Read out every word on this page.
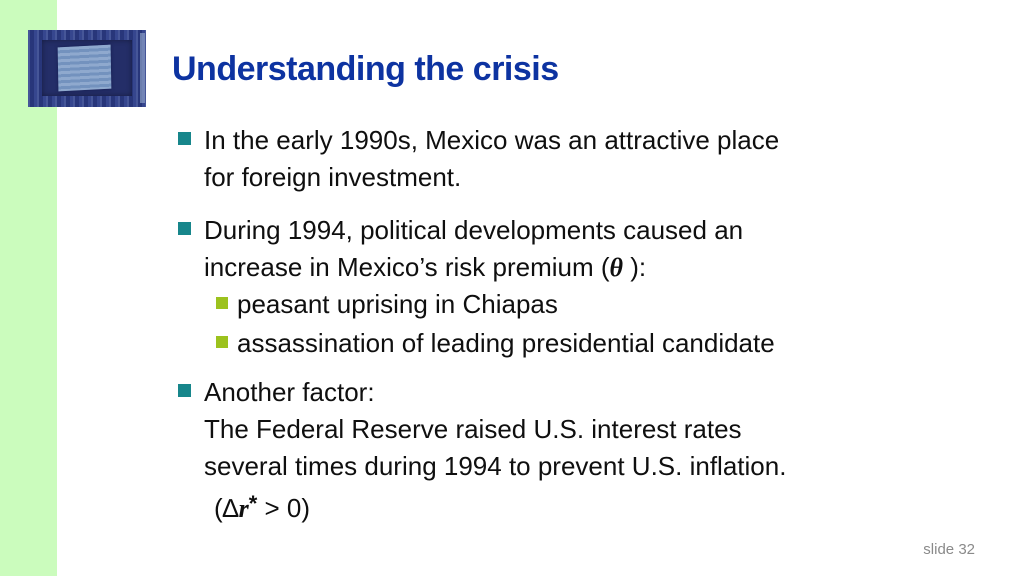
Understanding the crisis
In the early 1990s, Mexico was an attractive place
for foreign investment.
During 1994, political developments caused an
increase in Mexico’s risk premium (θ ):
peasant uprising in Chiapas
assassination of leading presidential candidate
Another factor:
The Federal Reserve raised U.S. interest rates
several times during 1994 to prevent U.S. inflation.
(∆r* > 0)
slide 32
